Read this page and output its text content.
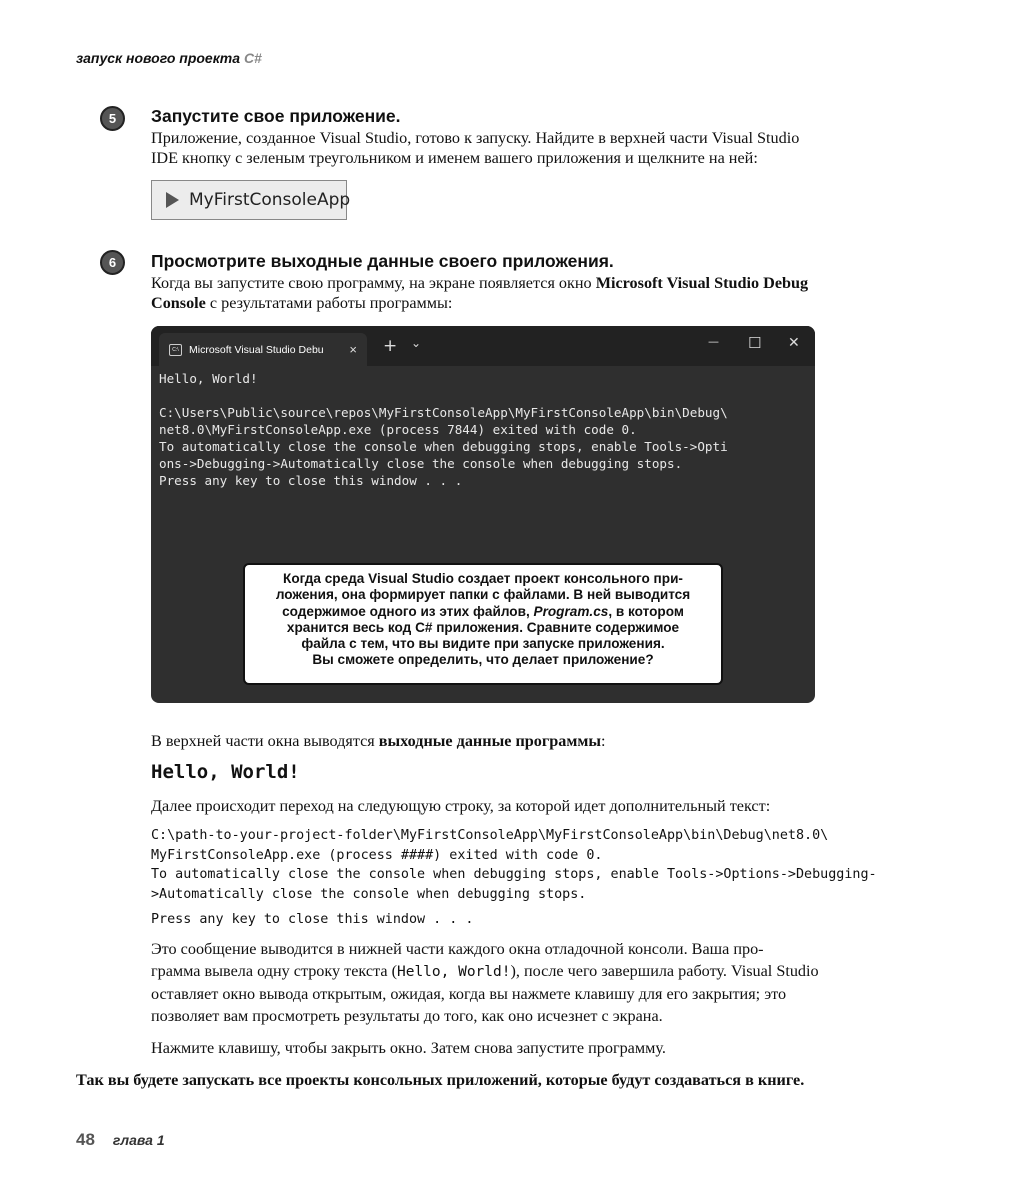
запуск нового проекта C#
5	Запустите свое приложение.
Приложение, созданное Visual Studio, готово к запуску. Найдите в верхней части Visual Studio
IDE кнопку с зеленым треугольником и именем вашего приложения и щелкните на ней:
MyFirstConsoleApp
6	Просмотрите выходные данные своего приложения.
Когда вы запустите свою программу, на экране появляется окно Microsoft Visual Studio Debug
Console с результатами работы программы:
C:\ Microsoft Visual Studio Debu × + ⌄	— ☐ ✕
Hello, World!
C:\Users\Public\source\repos\MyFirstConsoleApp\MyFirstConsoleApp\bin\Debug\
net8.0\MyFirstConsoleApp.exe (process 7844) exited with code 0.
To automatically close the console when debugging stops, enable Tools->Opti
ons->Debugging->Automatically close the console when debugging stops.
Press any key to close this window . . .
Когда среда Visual Studio создает проект консольного при-
ложения, она формирует папки с файлами. В ней выводится
содержимое одного из этих файлов, Program.cs, в котором
хранится весь код C# приложения. Сравните содержимое
файла с тем, что вы видите при запуске приложения.
Вы сможете определить, что делает приложение?
В верхней части окна выводятся выходные данные программы:
Hello, World!
Далее происходит переход на следующую строку, за которой идет дополнительный текст:
C:\path-to-your-project-folder\MyFirstConsoleApp\MyFirstConsoleApp\bin\Debug\net8.0\
MyFirstConsoleApp.exe (process ####) exited with code 0.
To automatically close the console when debugging stops, enable Tools->Options->Debugging-
>Automatically close the console when debugging stops.
Press any key to close this window . . .
Это сообщение выводится в нижней части каждого окна отладочной консоли. Ваша про-
грамма вывела одну строку текста (Hello, World!), после чего завершила работу. Visual Studio
оставляет окно вывода открытым, ожидая, когда вы нажмете клавишу для его закрытия; это
позволяет вам просмотреть результаты до того, как оно исчезнет с экрана.
Нажмите клавишу, чтобы закрыть окно. Затем снова запустите программу.
Так вы будете запускать все проекты консольных приложений, которые будут создаваться в книге.
48 глава 1
